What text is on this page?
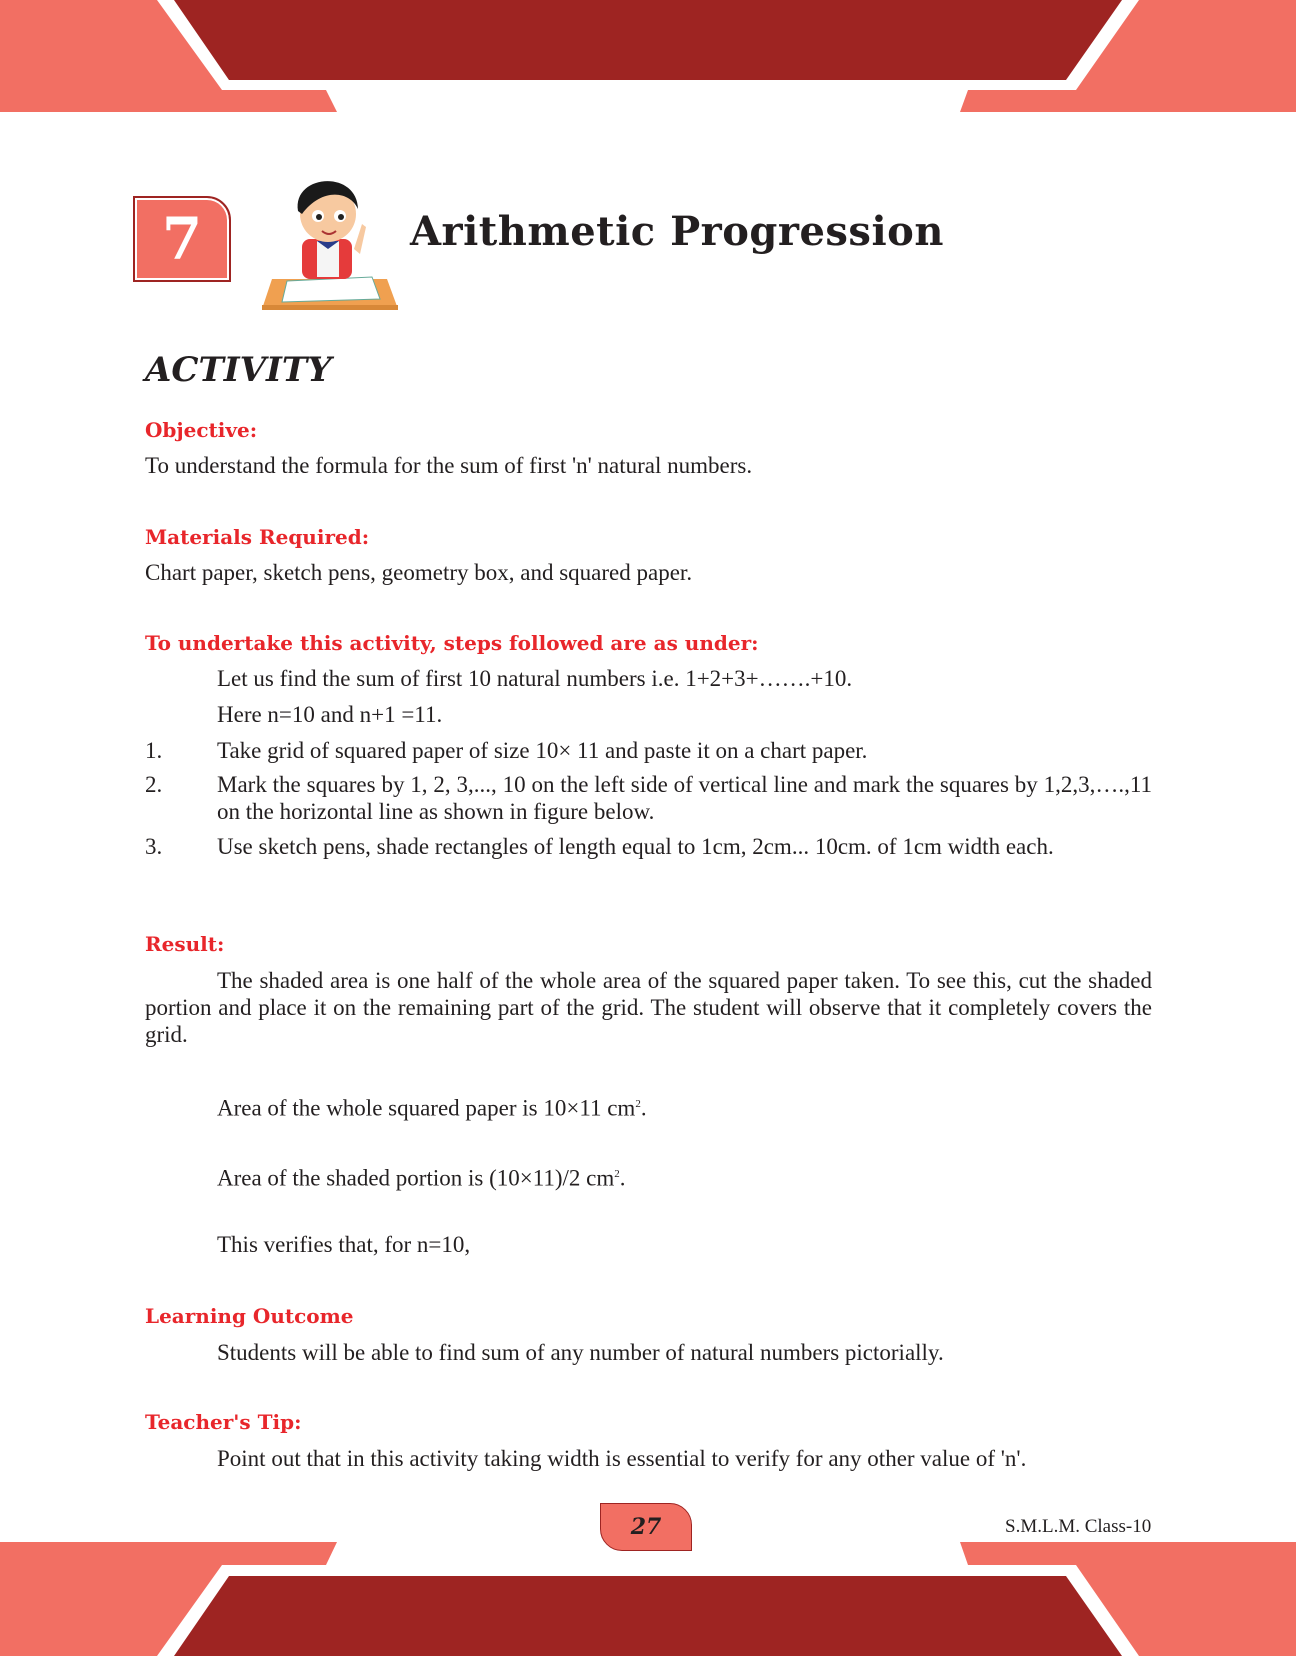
7	Arithmetic Progression
ACTIVITY
Objective:
To understand the formula for the sum of first 'n' natural numbers.
Materials Required:
Chart paper, sketch pens, geometry box, and squared paper.
To undertake this activity, steps followed are as under:
Let us find the sum of first 10 natural numbers i.e. 1+2+3+…….+10.
Here n=10 and n+1 =11.
1. Take grid of squared paper of size 10× 11 and paste it on a chart paper.
2. Mark the squares by 1, 2, 3,..., 10 on the left side of vertical line and mark the squares by 1,2,3,….,11 on the horizontal line as shown in figure below.
3. Use sketch pens, shade rectangles of length equal to 1cm, 2cm... 10cm. of 1cm width each.
Result:
The shaded area is one half of the whole area of the squared paper taken. To see this, cut the shaded portion and place it on the remaining part of the grid. The student will observe that it completely covers the grid.
Area of the whole squared paper is 10×11 $cm^2$.
Area of the shaded portion is (10×11)/2 $cm^2$.
This verifies that, for n=10,
Learning Outcome
Students will be able to find sum of any number of natural numbers pictorially.
Teacher's Tip:
Point out that in this activity taking width is essential to verify for any other value of 'n'.
27	S.M.L.M. Class-10
